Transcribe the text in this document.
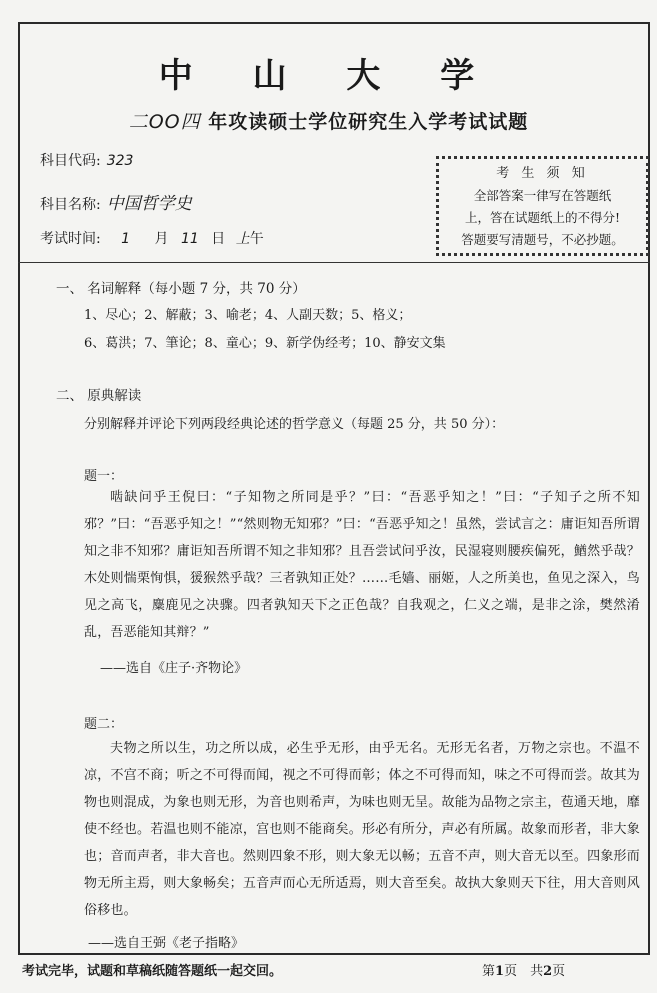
中 山 大 学
二OO四 年攻读硕士学位研究生入学考试试题
科目代码: 323
科目名称: 中国哲学史
考试时间: 1 月 11 日 上午
考 生 须 知
全部答案一律写在答题纸
上，答在试题纸上的不得分!
答题要写清题号，不必抄题。
一、 名词解释（每小题 7 分，共 70 分）
1、尽心；2、解蔽；3、喻老；4、人副天数；5、格义；
6、葛洪；7、筆论；8、童心；9、新学伪经考；10、静安文集
二、 原典解读
分别解释并评论下列两段经典论述的哲学意义（每题 25 分，共 50 分）：
题一：

啮缺问乎王倪曰：“子知物之所同是乎？”曰：“吾恶乎知之！”曰：“子知子之所不知邪？”曰：“吾恶乎知之！”“然则物无知邪？”曰：“吾恶乎知之！虽然，尝试言之：庸讵知吾所谓知之非不知邪？庸讵知吾所谓不知之非知邪？且吾尝试问乎汝，民湿寝则腰疾偏死，鰌然乎哉？木处则惴栗恂惧，猨猴然乎哉？三者孰知正处？……毛嫱、丽姬，人之所美也，鱼见之深入，鸟见之高飞，麋鹿见之决骤。四者孰知天下之正色哉？自我观之，仁义之端，是非之涂，樊然淆乱，吾恶能知其辩？”

——选自《庄子·齐物论》
题二：

夫物之所以生，功之所以成，必生乎无形，由乎无名。无形无名者，万物之宗也。不温不凉，不宫不商；听之不可得而闻，视之不可得而彰；体之不可得而知，味之不可得而尝。故其为物也则混成，为象也则无形，为音也则希声，为味也则无呈。故能为品物之宗主，苞通天地，靡使不经也。若温也则不能凉，宫也则不能商矣。形必有所分，声必有所属。故象而形者，非大象也；音而声者，非大音也。然则四象不形，则大象无以畅；五音不声，则大音无以至。四象形而物无所主焉，则大象畅矣；五音声而心无所适焉，则大音至矣。故执大象则天下往，用大音则风俗移也。

——选自王弼《老子指略》
考试完毕，试题和草稿纸随答题纸一起交回。	第1页　共2页
